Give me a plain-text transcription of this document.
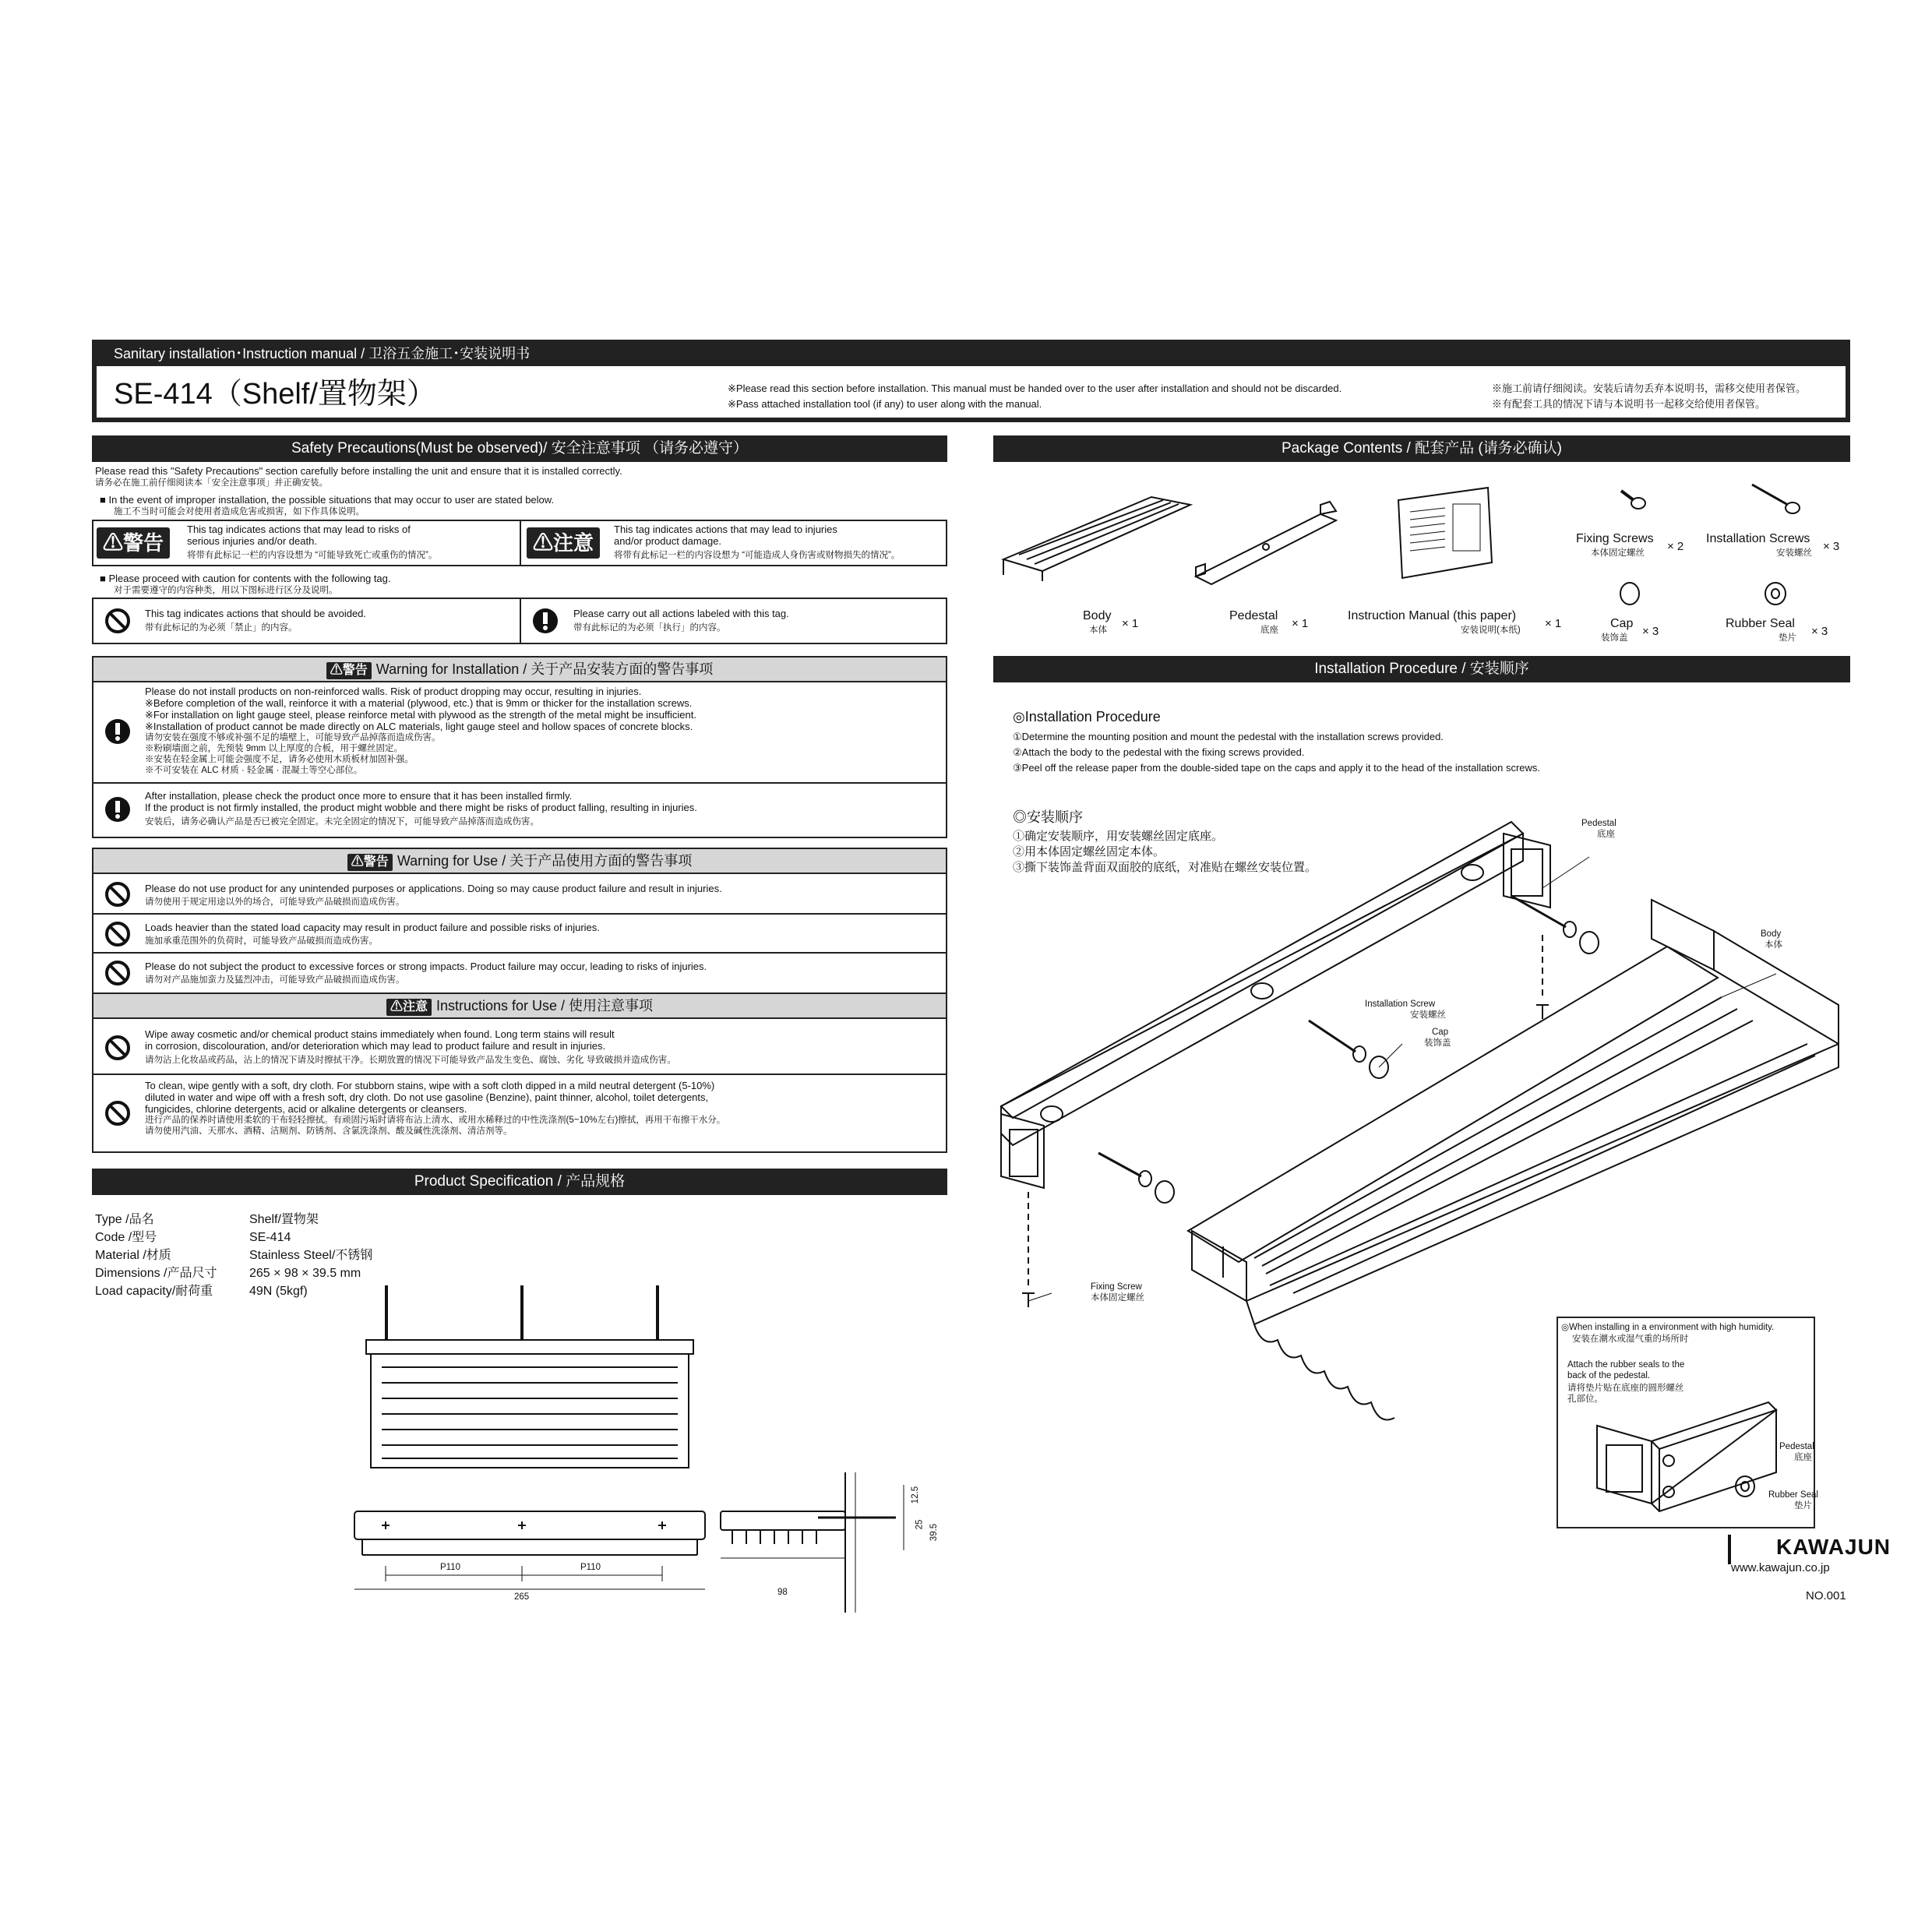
Sanitary installation･Instruction manual / 卫浴五金施工･安装说明书
SE-414（Shelf/置物架）	※Please read this section before installation. This manual must be handed over to the user after installation and should not be discarded.
※Pass attached installation tool (if any) to user along with the manual.
※施工前请仔细阅读。安装后请勿丢弃本说明书，需移交使用者保管。
※有配套工具的情况下请与本说明书一起移交给使用者保管。
Safety Precautions(Must be observed)/ 安全注意事项 （请务必遵守）
Please read this "Safety Precautions" section carefully before installing the unit and ensure that it is installed correctly.
请务必在施工前仔细阅读本「安全注意事项」并正确安装。
■ In the event of improper installation, the possible situations that may occur to user are stated below.
施工不当时可能会对使用者造成危害或损害，如下作具体说明。
⚠警告
This tag indicates actions that may lead to risks of
serious injuries and/or death.
将带有此标记一栏的内容设想为 “可能导致死亡或重伤的情况”。
⚠注意
This tag indicates actions that may lead to injuries
and/or product damage.
将带有此标记一栏的内容设想为 “可能造成人身伤害或财物损失的情况”。
■ Please proceed with caution for contents with the following tag.
对于需要遵守的内容种类，用以下图标进行区分及说明。
This tag indicates actions that should be avoided.
带有此标记的为必须「禁止」的内容。
Please carry out all actions labeled with this tag.
带有此标记的为必须「执行」的内容。
⚠警告 Warning for Installation / 关于产品安装方面的警告事项
Please do not install products on non-reinforced walls. Risk of product dropping may occur, resulting in injuries.
※Before completion of the wall, reinforce it with a material (plywood, etc.) that is 9mm or thicker for the installation screws.
※For installation on light gauge steel, please reinforce metal with plywood as the strength of the metal might be insufficient.
※Installation of product cannot be made directly on ALC materials, light gauge steel and hollow spaces of concrete blocks.
请勿安装在强度不够或补强不足的墙壁上，可能导致产品掉落而造成伤害。
※粉刷墙面之前，先预装 9mm 以上厚度的合板，用于螺丝固定。
※安装在轻金属上可能会强度不足，请务必使用木质板材加固补强。
※不可安装在 ALC 材质 · 轻金属 · 混凝土等空心部位。
After installation, please check the product once more to ensure that it has been installed firmly.
If the product is not firmly installed, the product might wobble and there might be risks of product falling, resulting in injuries.
安装后，请务必确认产品是否已被完全固定。未完全固定的情况下，可能导致产品掉落而造成伤害。
⚠警告 Warning for Use / 关于产品使用方面的警告事项
Please do not use product for any unintended purposes or applications. Doing so may cause product failure and result in injuries.
请勿使用于规定用途以外的场合，可能导致产品破损而造成伤害。
Loads heavier than the stated load capacity may result in product failure and possible risks of injuries.
施加承重范围外的负荷时，可能导致产品破损而造成伤害。
Please do not subject the product to excessive forces or strong impacts. Product failure may occur, leading to risks of injuries.
请勿对产品施加蛮力及猛烈冲击，可能导致产品破损而造成伤害。
⚠注意 Instructions for Use / 使用注意事项
Wipe away cosmetic and/or chemical product stains immediately when found. Long term stains will result
in corrosion, discolouration, and/or deterioration which may lead to product failure and result in injuries.
请勿沾上化妆品或药品，沾上的情况下请及时擦拭干净。长期放置的情况下可能导致产品发生变色、腐蚀、劣化 导致破损并造成伤害。
To clean, wipe gently with a soft, dry cloth. For stubborn stains, wipe with a soft cloth dipped in a mild neutral detergent (5-10%)
diluted in water and wipe off with a fresh soft, dry cloth. Do not use gasoline (Benzine), paint thinner, alcohol, toilet detergents,
fungicides, chlorine detergents, acid or alkaline detergents or cleansers.
进行产品的保养时请使用柔软的干布轻轻擦拭。有顽固污垢时请将布沾上清水、或用水稀释过的中性洗涤剂(5~10%左右)擦拭，再用干布擦干水分。
请勿使用汽油、天那水、酒精、洁厕剂、防锈剂、含氯洗涤剂、酸及碱性洗涤剂、清洁剂等。
Product Specification / 产品规格
Type /品名	Shelf/置物架
Code /型号	SE-414
Material /材质	Stainless Steel/不锈钢
Dimensions /产品尺寸	265 × 98 × 39.5 mm
Load capacity/耐荷重	49N (5kgf)
P110	P110
265	98
12.5
25 39.5
Package Contents / 配套产品 (请务必确认)
Fixing Screws
本体固定螺丝 × 2
Installation Screws
安装螺丝 × 3
Body
本体 × 1
Pedestal
底座 × 1
Instruction Manual (this paper)
安装说明(本纸) × 1	Cap
装饰盖 × 3
Rubber Seal
垫片 × 3
Installation Procedure / 安装顺序
◎Installation Procedure
①Determine the mounting position and mount the pedestal with the installation screws provided.
②Attach the body to the pedestal with the fixing screws provided.
③Peel off the release paper from the double-sided tape on the caps and apply it to the head of the installation screws.
◎安装顺序
①确定安装顺序，用安装螺丝固定底座。
②用本体固定螺丝固定本体。
③撕下装饰盖背面双面胶的底纸，对准贴在螺丝安装位置。
Pedestal
底座
Body
本体
Installation Screw
安装螺丝
Cap
装饰盖
Fixing Screw
本体固定螺丝
◎When installing in a environment with high humidity.
安装在潮水或湿气重的场所时
Attach the rubber seals to the
back of the pedestal.
请将垫片贴在底座的圆形螺丝
孔部位。
Pedestal
底座
Rubber Seal
垫片
KAWAJUN
www.kawajun.co.jp
NO.001
